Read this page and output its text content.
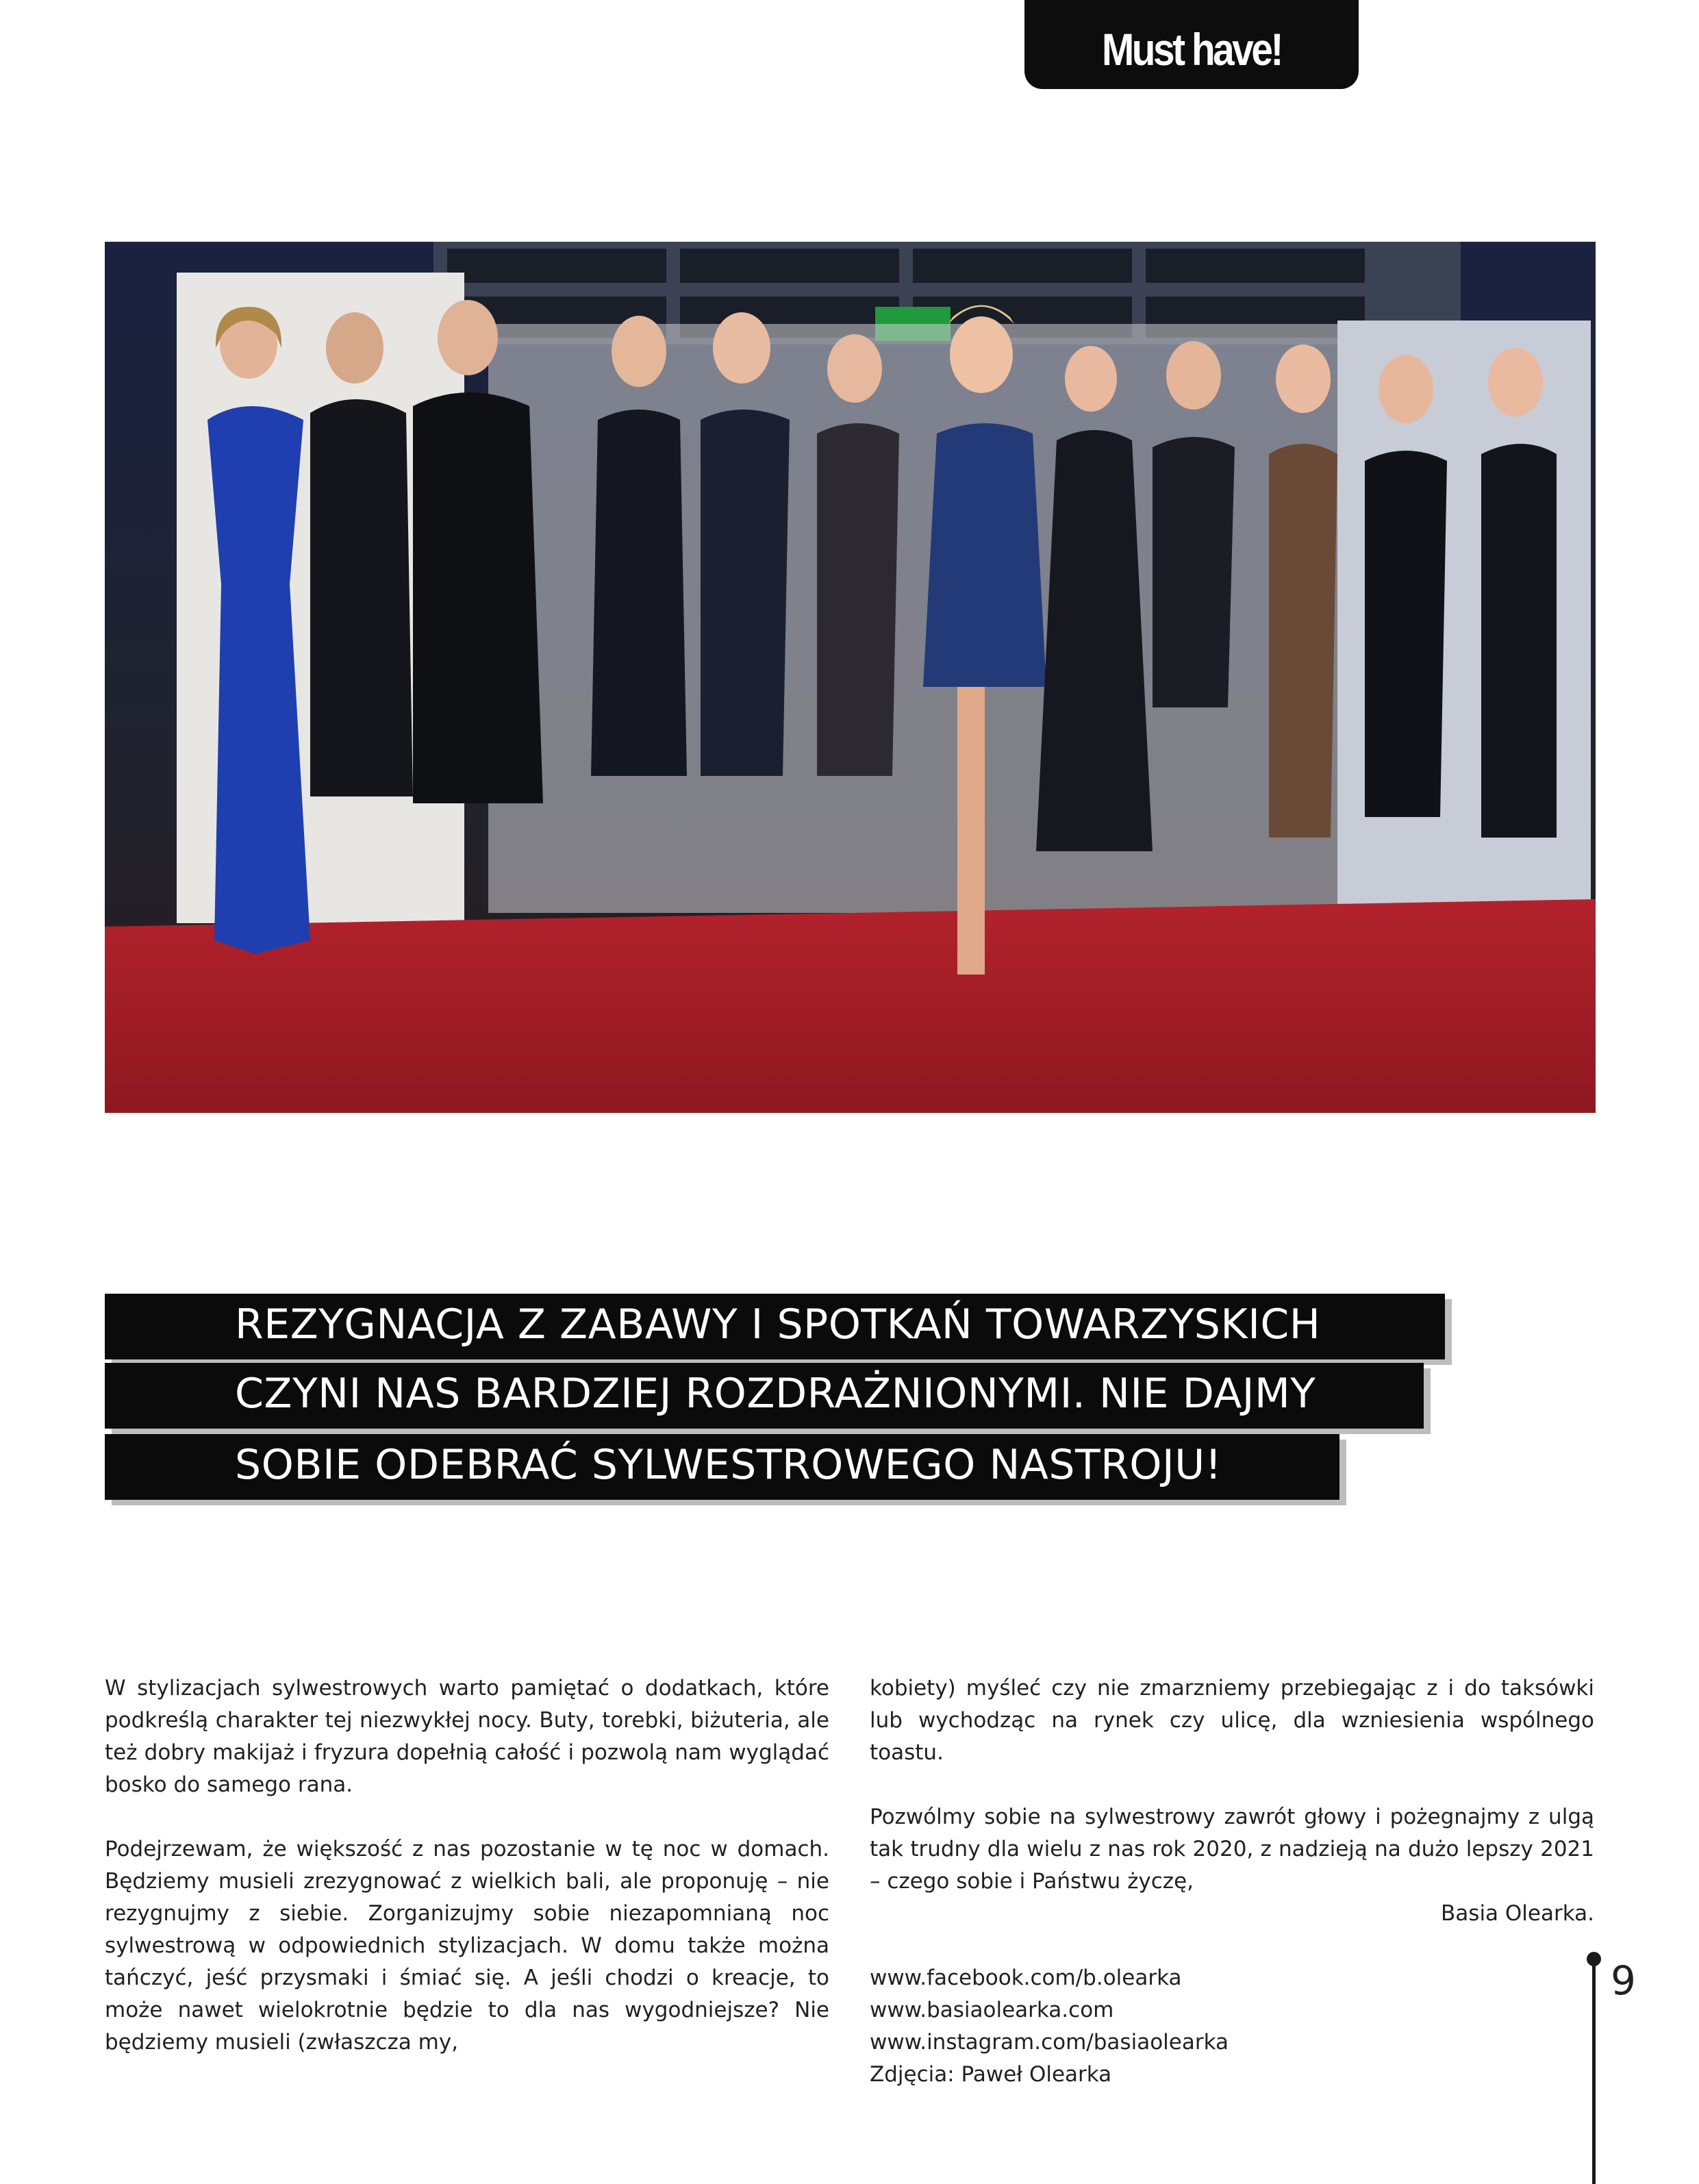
Must have!
REZYGNACJA Z ZABAWY I SPOTKAŃ TOWARZYSKICH
CZYNI NAS BARDZIEJ ROZDRAŻNIONYMI. NIE DAJMY
SOBIE ODEBRAĆ SYLWESTROWEGO NASTROJU!

W stylizacjach sylwestrowych warto pamiętać o dodatkach, które podkreślą charakter tej niezwykłej nocy. Buty, torebki, biżuteria, ale też dobry makijaż i fryzura dopełnią całość i pozwolą nam wyglądać bosko do samego rana.

Podejrzewam, że większość z nas pozostanie w tę noc w domach. Będziemy musieli zrezygnować z wielkich bali, ale proponuję – nie rezygnujmy z siebie. Zorganizujmy sobie niezapomnianą noc sylwestrową w odpowiednich stylizacjach. W domu także można tańczyć, jeść przysmaki i śmiać się. A jeśli chodzi o kreacje, to może nawet wielokrotnie będzie to dla nas wygodniejsze? Nie będziemy musieli (zwłaszcza my,

kobiety) myśleć czy nie zmarzniemy przebiegając z i do taksówki lub wychodząc na rynek czy ulicę, dla wzniesienia wspólnego toastu.

Pozwólmy sobie na sylwestrowy zawrót głowy i pożegnajmy z ulgą tak trudny dla wielu z nas rok 2020, z nadzieją na dużo lepszy 2021 – czego sobie i Państwu życzę,

Basia Olearka.
www.facebook.com/b.olearka
www.basiaolearka.com
www.instagram.com/basiaolearka
Zdjęcia: Paweł Olearka
9
